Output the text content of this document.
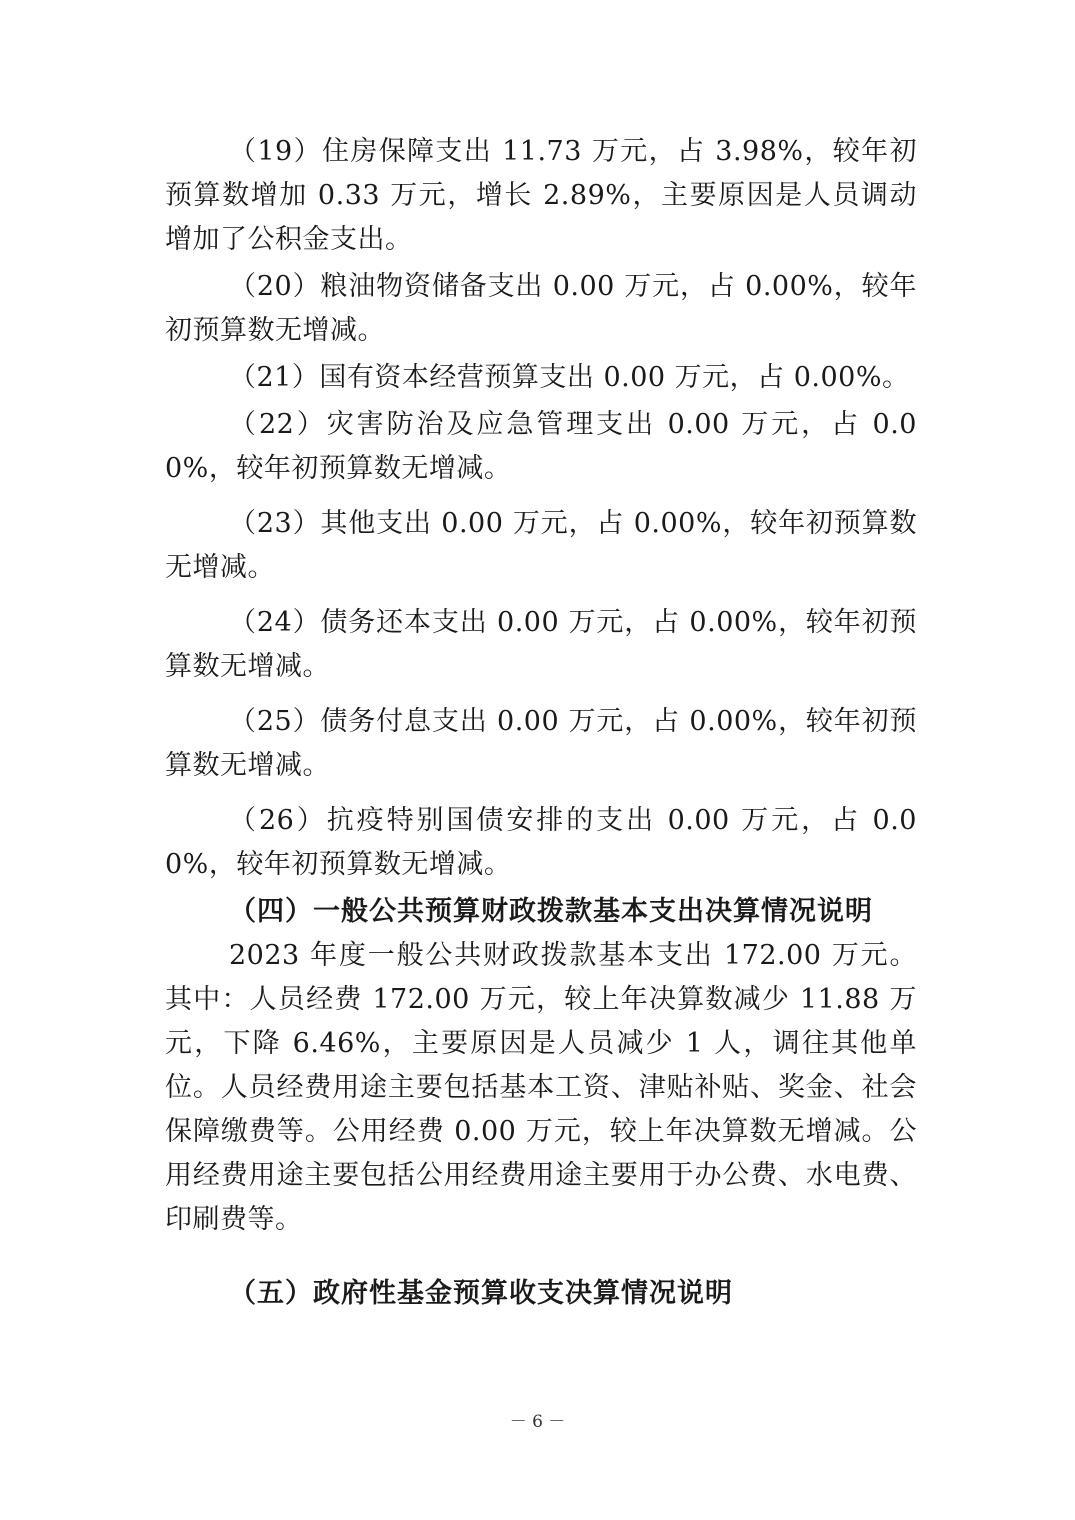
（19）住房保障支出 11.73 万元，占 3.98%，较年初预算数增加 0.33 万元，增长 2.89%，主要原因是人员调动增加了公积金支出。

（20）粮油物资储备支出 0.00 万元，占 0.00%，较年初预算数无增减。

（21）国有资本经营预算支出 0.00 万元，占 0.00%。

（22）灾害防治及应急管理支出 0.00 万元，占 0.00%，较年初预算数无增减。

（23）其他支出 0.00 万元，占 0.00%，较年初预算数无增减。

（24）债务还本支出 0.00 万元，占 0.00%，较年初预算数无增减。

（25）债务付息支出 0.00 万元，占 0.00%，较年初预算数无增减。

（26）抗疫特别国债安排的支出 0.00 万元，占 0.00%，较年初预算数无增减。

（四）一般公共预算财政拨款基本支出决算情况说明

2023 年度一般公共财政拨款基本支出 172.00 万元。其中：人员经费 172.00 万元，较上年决算数减少 11.88 万元，下降 6.46%，主要原因是人员减少 1 人，调往其他单位。人员经费用途主要包括基本工资、津贴补贴、奖金、社会保障缴费等。公用经费 0.00 万元，较上年决算数无增减。公用经费用途主要包括公用经费用途主要用于办公费、水电费、印刷费等。

（五）政府性基金预算收支决算情况说明

－ 6 －
